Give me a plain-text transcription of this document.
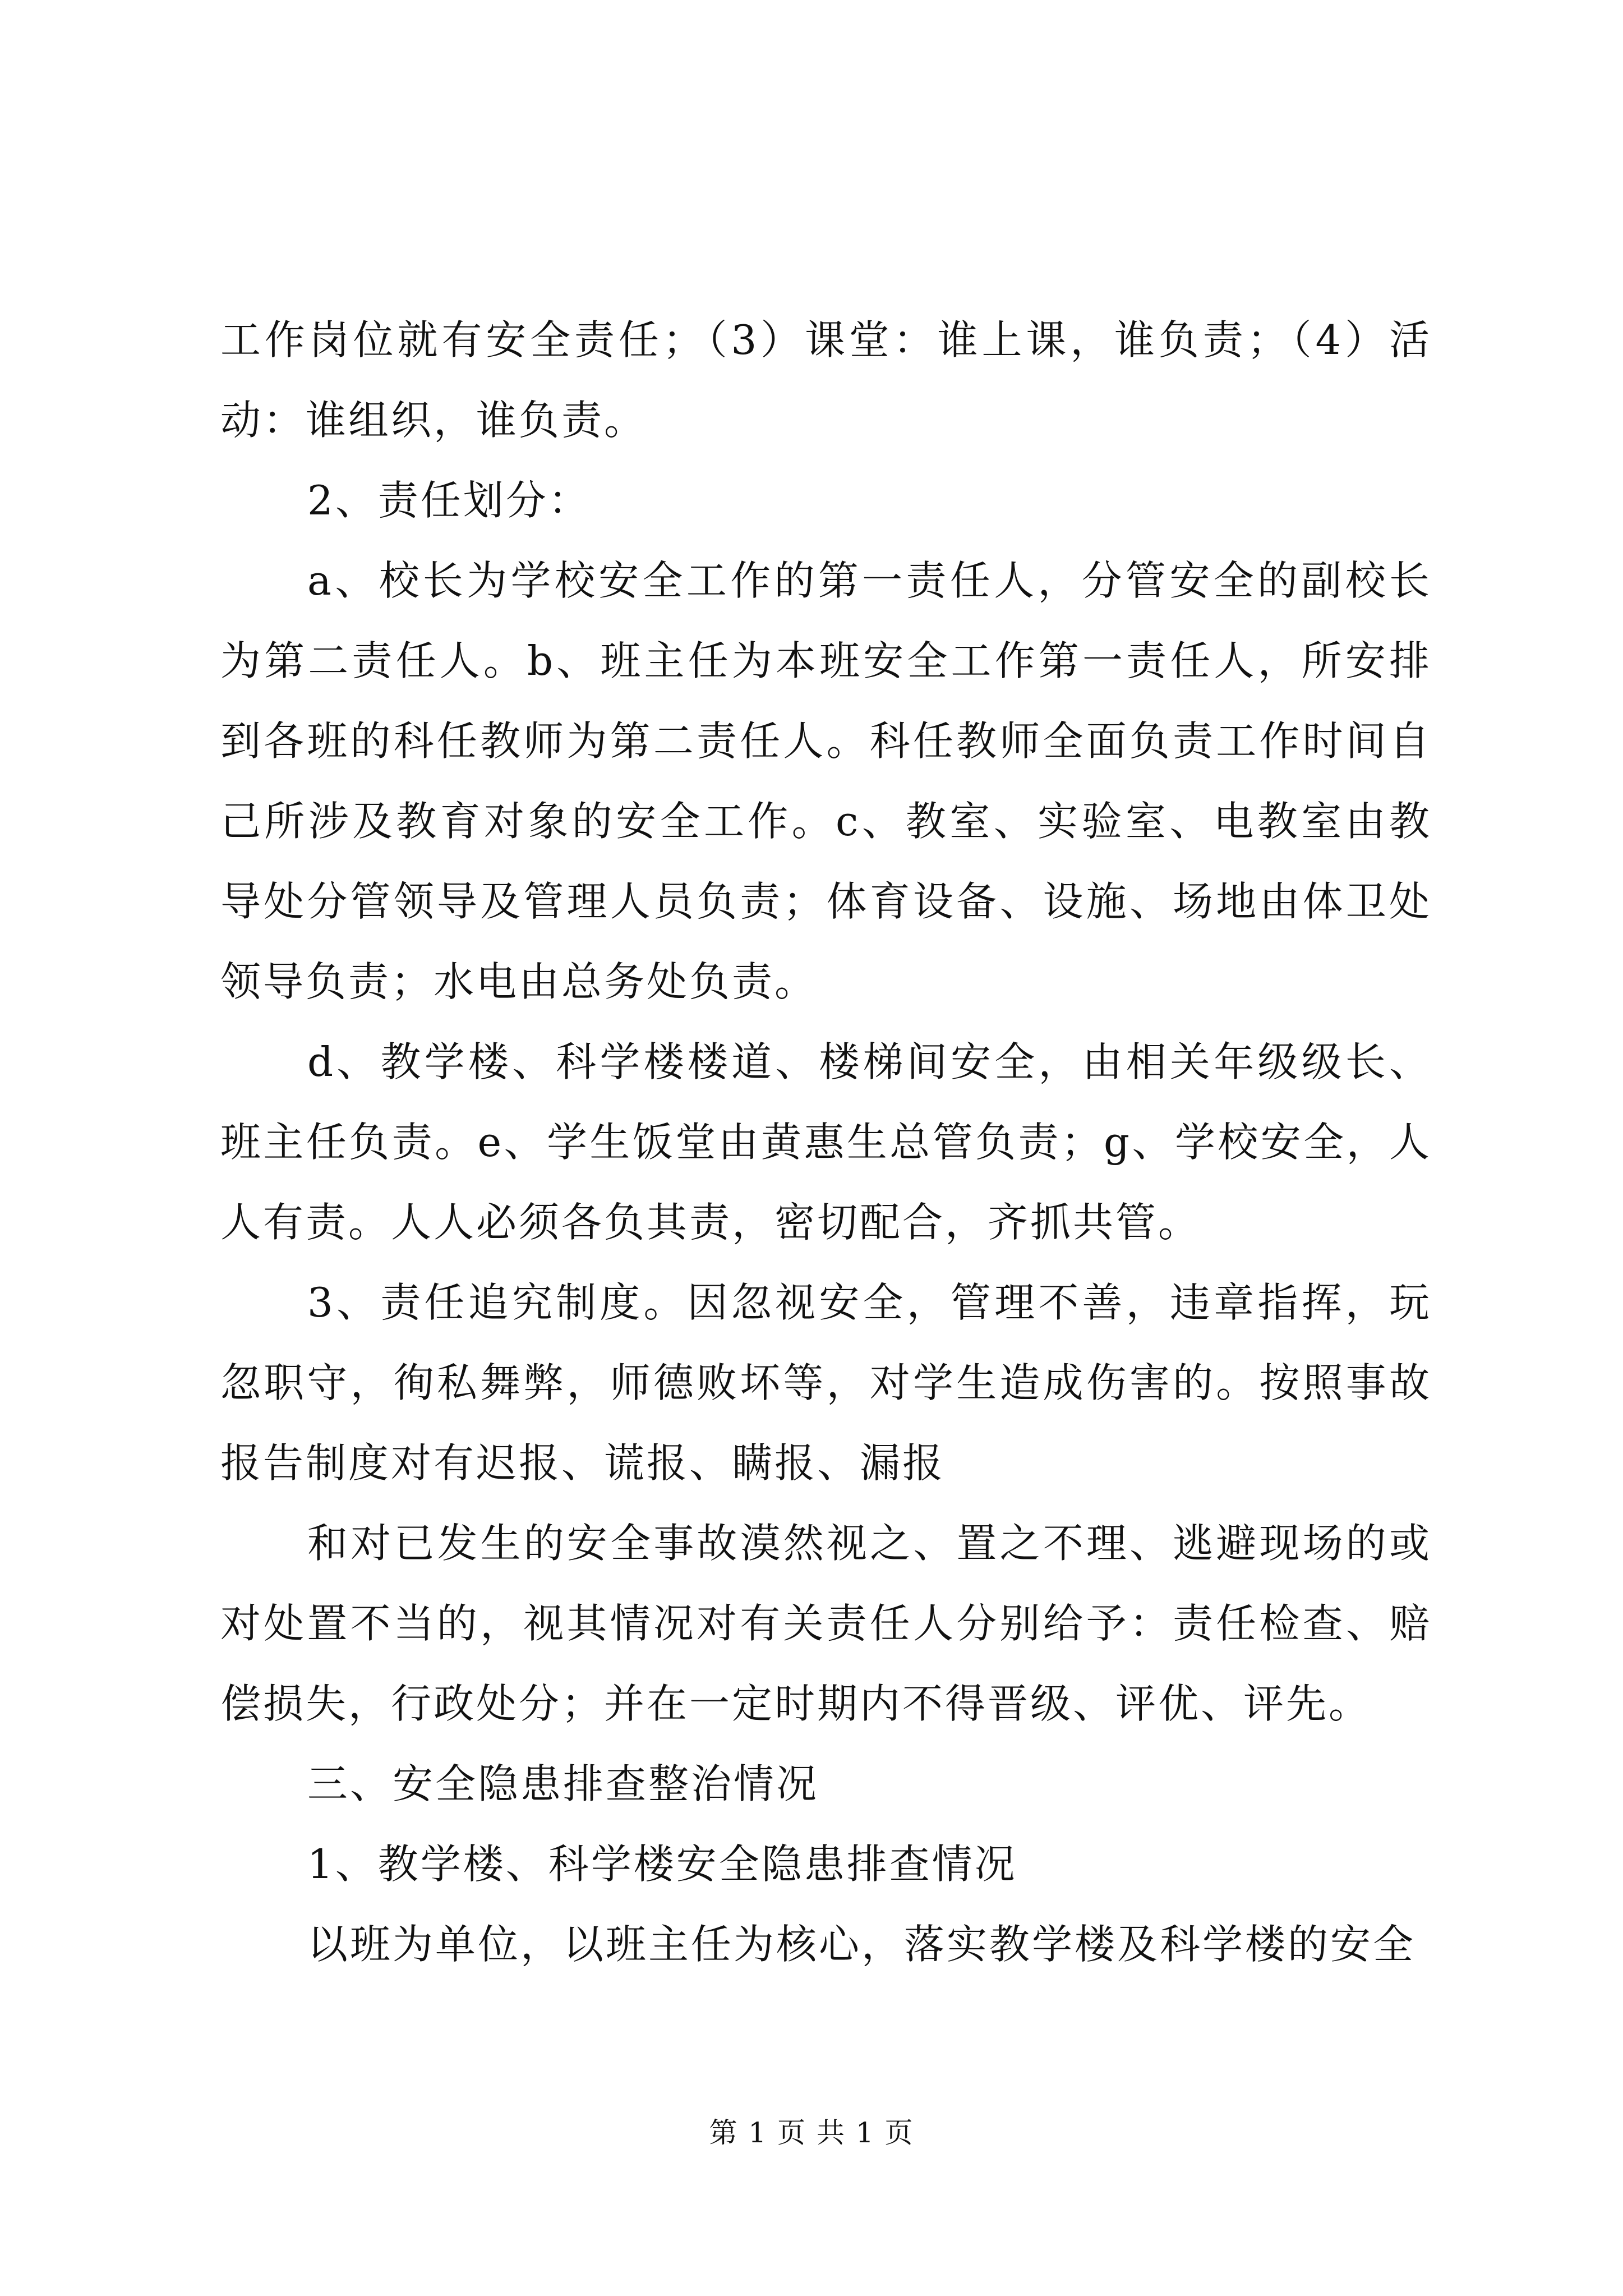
工作岗位就有安全责任；（3）课堂：谁上课，谁负责；（4）活动：谁组织，谁负责。

2、责任划分：

a、校长为学校安全工作的第一责任人，分管安全的副校长为第二责任人。b、班主任为本班安全工作第一责任人，所安排到各班的科任教师为第二责任人。科任教师全面负责工作时间自己所涉及教育对象的安全工作。c、教室、实验室、电教室由教导处分管领导及管理人员负责；体育设备、设施、场地由体卫处领导负责；水电由总务处负责。

d、教学楼、科学楼楼道、楼梯间安全，由相关年级级长、班主任负责。e、学生饭堂由黄惠生总管负责；g、学校安全，人人有责。人人必须各负其责，密切配合，齐抓共管。

3、责任追究制度。因忽视安全，管理不善，违章指挥，玩忽职守，徇私舞弊，师德败坏等，对学生造成伤害的。按照事故报告制度对有迟报、谎报、瞒报、漏报

和对已发生的安全事故漠然视之、置之不理、逃避现场的或对处置不当的，视其情况对有关责任人分别给予：责任检查、赔偿损失，行政处分；并在一定时期内不得晋级、评优、评先。

三、安全隐患排查整治情况

1、教学楼、科学楼安全隐患排查情况

以班为单位，以班主任为核心，落实教学楼及科学楼的安全

第 1 页 共 1 页
